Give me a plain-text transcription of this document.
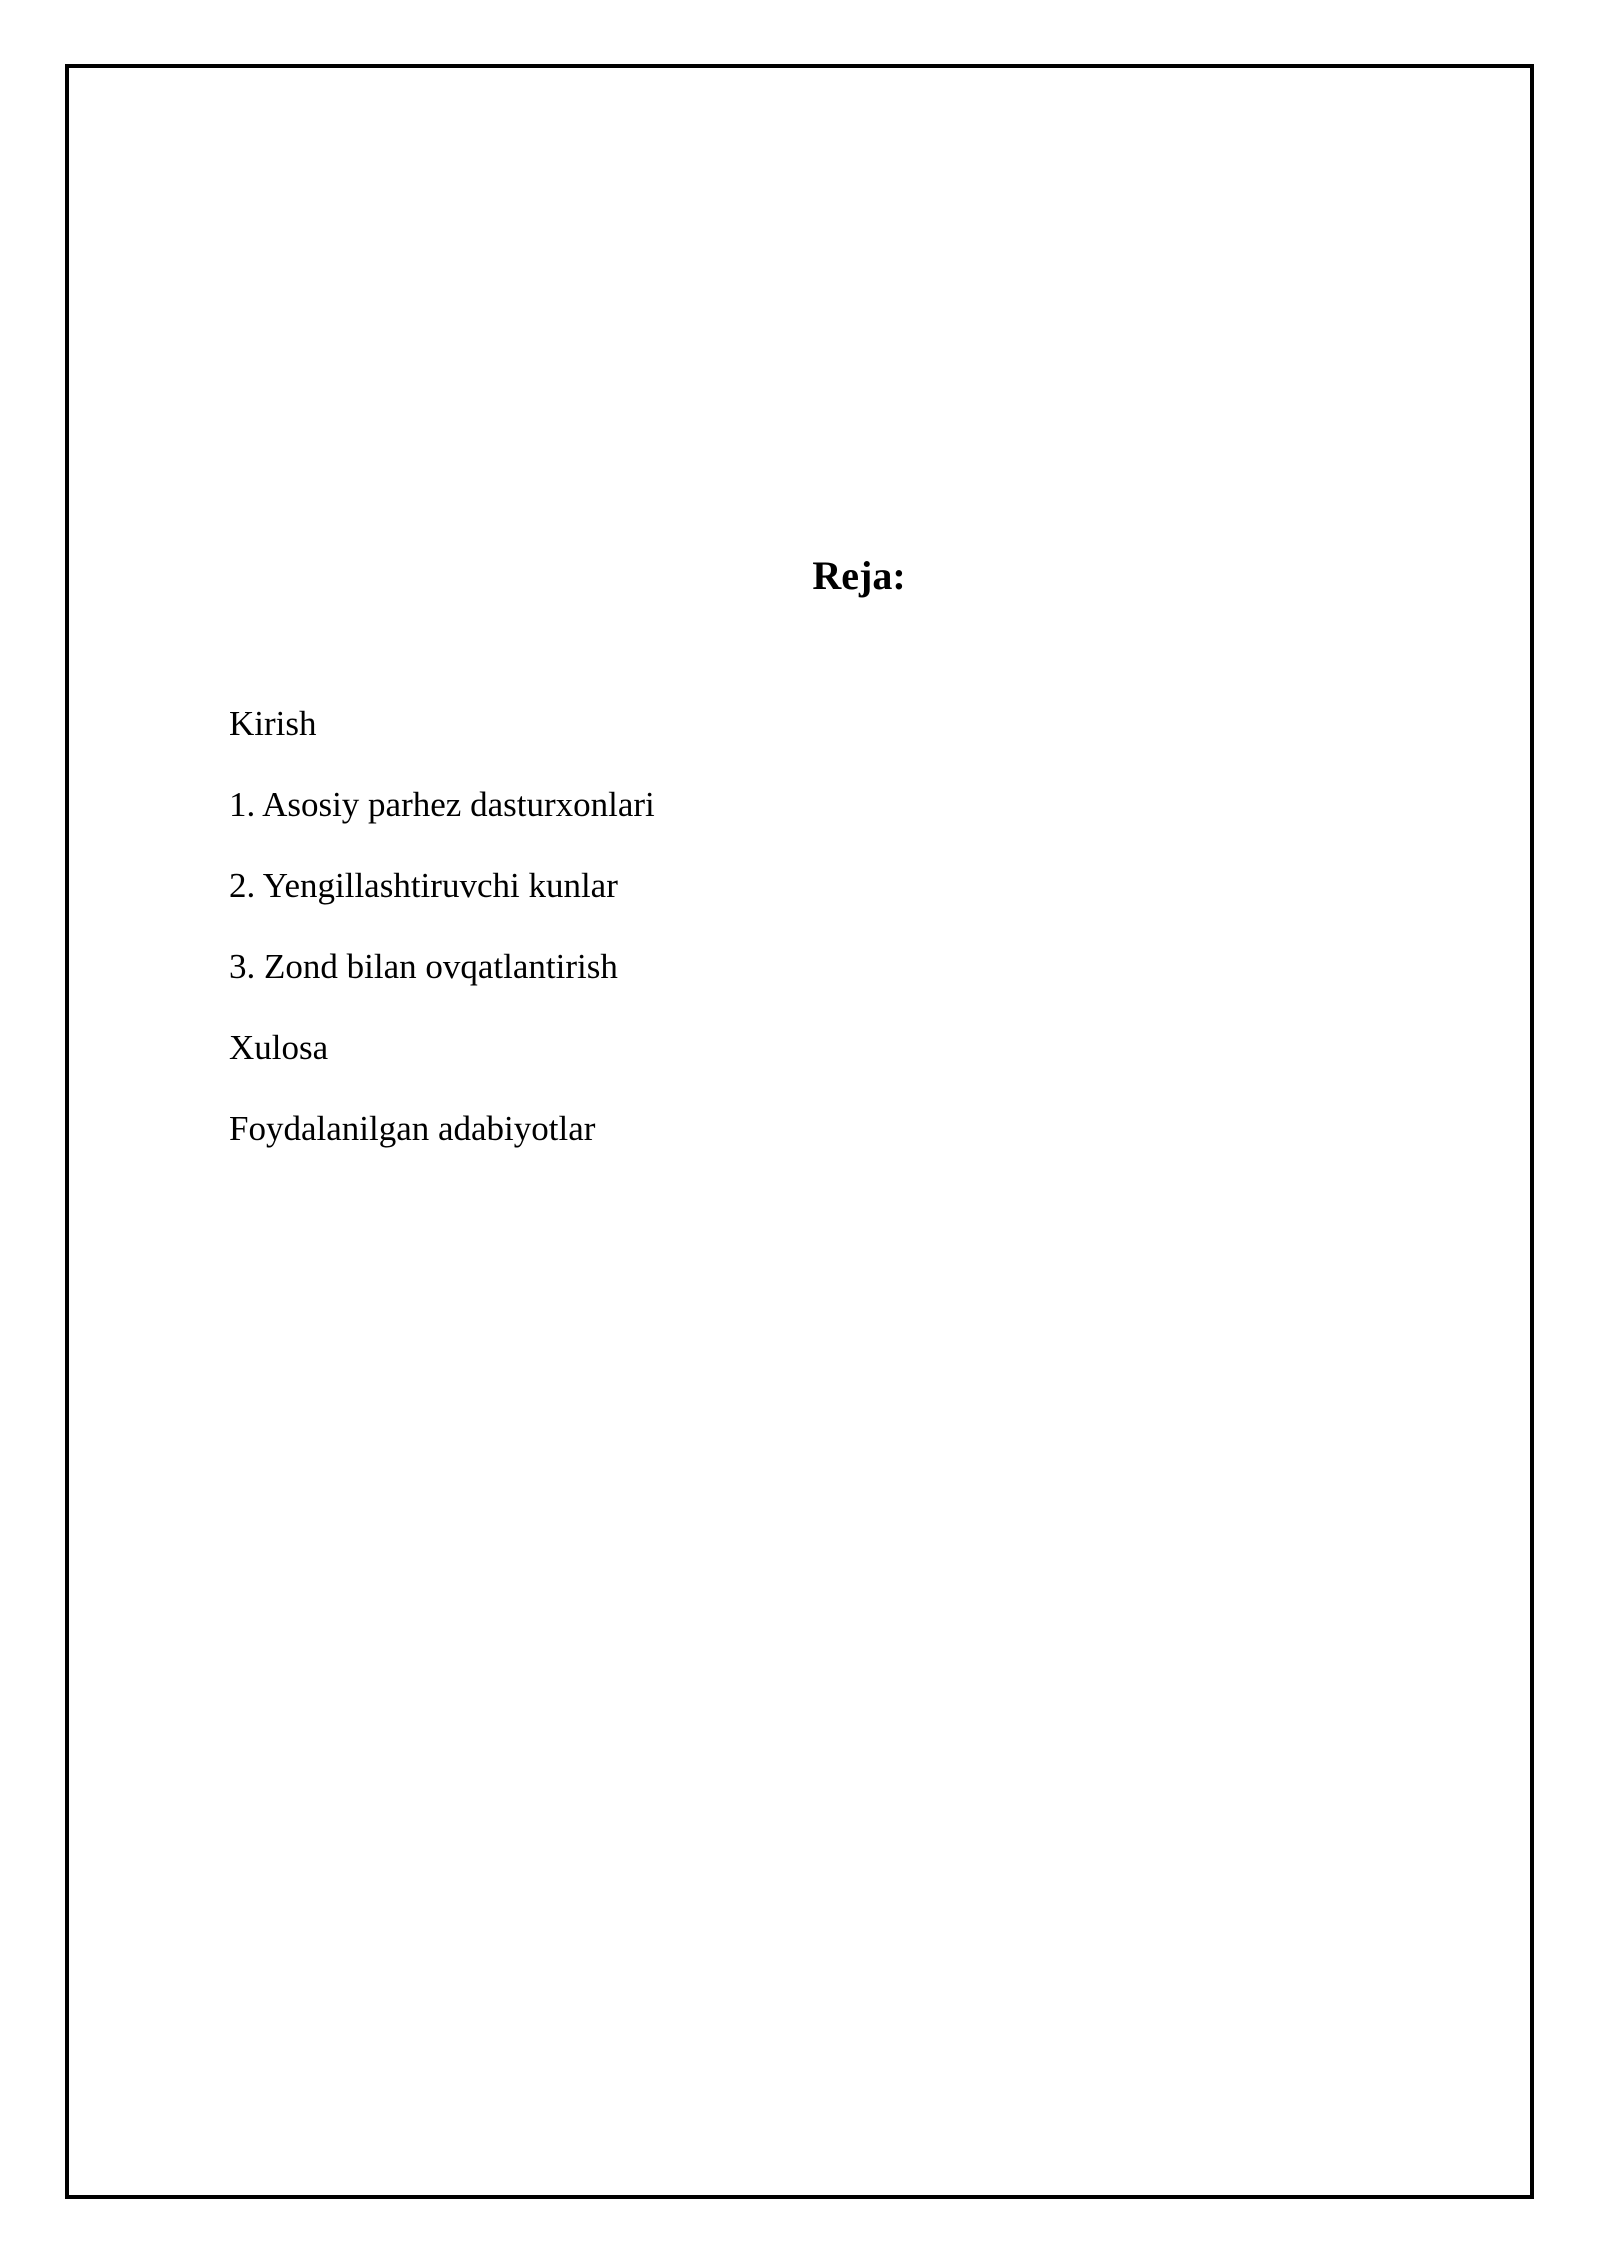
Reja:
Kirish
1. Asosiy parhez dasturxonlari
2. Yengillashtiruvchi kunlar
3. Zond bilan ovqatlantirish
Xulosa
Foydalanilgan adabiyotlar
